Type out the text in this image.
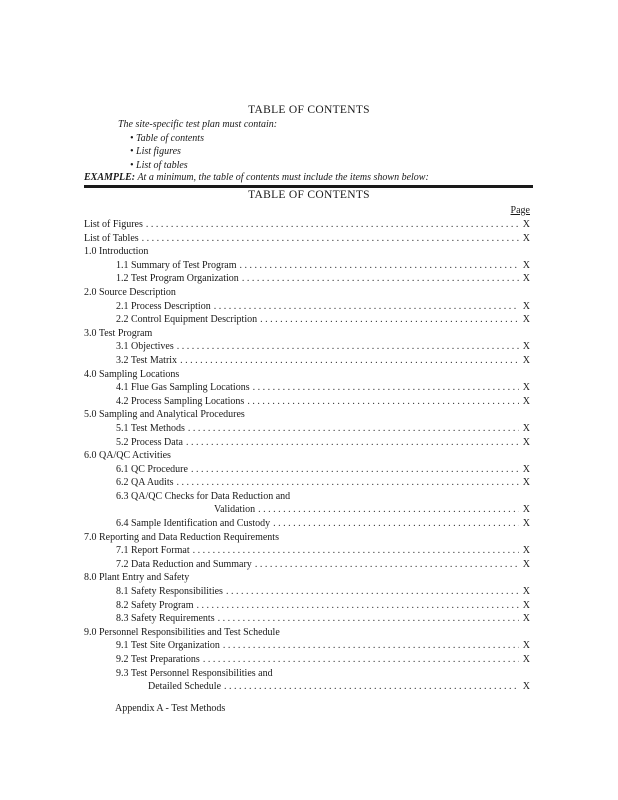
TABLE OF CONTENTS
The site-specific test plan must contain:
• Table of contents
• List figures
• List of tables
EXAMPLE: At a minimum, the table of contents must include the items shown below:
TABLE OF CONTENTS
Page
List of Figures . . .	X
List of Tables . . .	X
1.0 Introduction
1.1 Summary of Test Program . . .	X
1.2 Test Program Organization . . .	X
2.0 Source Description
2.1 Process Description . . .	X
2.2 Control Equipment Description . . .	X
3.0 Test Program
3.1 Objectives . . .	X
3.2 Test Matrix . . .	X
4.0 Sampling Locations
4.1 Flue Gas Sampling Locations . . .	X
4.2 Process Sampling Locations . . .	X
5.0 Sampling and Analytical Procedures
5.1 Test Methods . . .	X
5.2 Process Data . . .	X
6.0 QA/QC Activities
6.1 QC Procedure . . .	X
6.2 QA Audits . . .	X
6.3 QA/QC Checks for Data Reduction and
Validation . . .	X
6.4 Sample Identification and Custody . . .	X
7.0 Reporting and Data Reduction Requirements
7.1 Report Format . . .	X
7.2 Data Reduction and Summary . . .	X
8.0 Plant Entry and Safety
8.1 Safety Responsibilities . . .	X
8.2 Safety Program . . .	X
8.3 Safety Requirements . . .	X
9.0 Personnel Responsibilities and Test Schedule
9.1 Test Site Organization . . .	X
9.2 Test Preparations . . .	X
9.3 Test Personnel Responsibilities and
Detailed Schedule . . .	X
Appendix A - Test Methods
